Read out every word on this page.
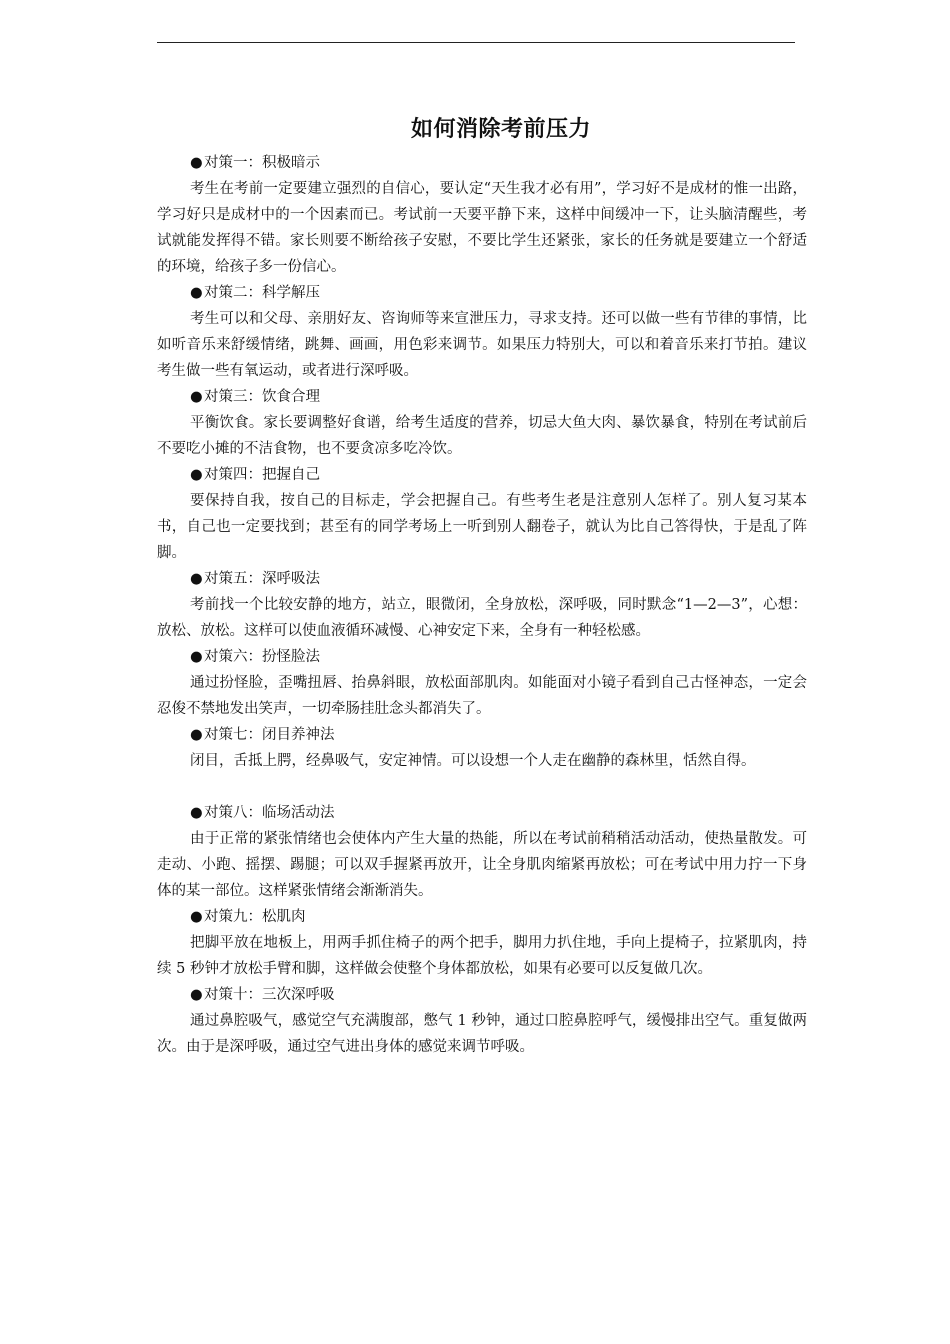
如何消除考前压力

●对策一：积极暗示

考生在考前一定要建立强烈的自信心，要认定“天生我才必有用”，学习好不是成材的惟一出路，学习好只是成材中的一个因素而已。考试前一天要平静下来，这样中间缓冲一下，让头脑清醒些，考试就能发挥得不错。家长则要不断给孩子安慰，不要比学生还紧张，家长的任务就是要建立一个舒适的环境，给孩子多一份信心。

●对策二：科学解压

考生可以和父母、亲朋好友、咨询师等来宣泄压力，寻求支持。还可以做一些有节律的事情，比如听音乐来舒缓情绪，跳舞、画画，用色彩来调节。如果压力特别大，可以和着音乐来打节拍。建议考生做一些有氧运动，或者进行深呼吸。

●对策三：饮食合理

平衡饮食。家长要调整好食谱，给考生适度的营养，切忌大鱼大肉、暴饮暴食，特别在考试前后不要吃小摊的不洁食物，也不要贪凉多吃冷饮。

●对策四：把握自己

要保持自我，按自己的目标走，学会把握自己。有些考生老是注意别人怎样了。别人复习某本书，自己也一定要找到；甚至有的同学考场上一听到别人翻卷子，就认为比自己答得快，于是乱了阵脚。

●对策五：深呼吸法

考前找一个比较安静的地方，站立，眼微闭，全身放松，深呼吸，同时默念“1—2—3”，心想：放松、放松。这样可以使血液循环减慢、心神安定下来，全身有一种轻松感。

●对策六：扮怪脸法

通过扮怪脸，歪嘴扭唇、抬鼻斜眼，放松面部肌肉。如能面对小镜子看到自己古怪神态，一定会忍俊不禁地发出笑声，一切牵肠挂肚念头都消失了。

●对策七：闭目养神法

闭目，舌抵上腭，经鼻吸气，安定神情。可以设想一个人走在幽静的森林里，恬然自得。

●对策八：临场活动法

由于正常的紧张情绪也会使体内产生大量的热能，所以在考试前稍稍活动活动，使热量散发。可走动、小跑、摇摆、踢腿；可以双手握紧再放开，让全身肌肉缩紧再放松；可在考试中用力拧一下身体的某一部位。这样紧张情绪会渐渐消失。

●对策九：松肌肉

把脚平放在地板上，用两手抓住椅子的两个把手，脚用力扒住地，手向上提椅子，拉紧肌肉，持续 5 秒钟才放松手臂和脚，这样做会使整个身体都放松，如果有必要可以反复做几次。

●对策十：三次深呼吸

通过鼻腔吸气，感觉空气充满腹部，憋气 1 秒钟，通过口腔鼻腔呼气，缓慢排出空气。重复做两次。由于是深呼吸，通过空气进出身体的感觉来调节呼吸。
